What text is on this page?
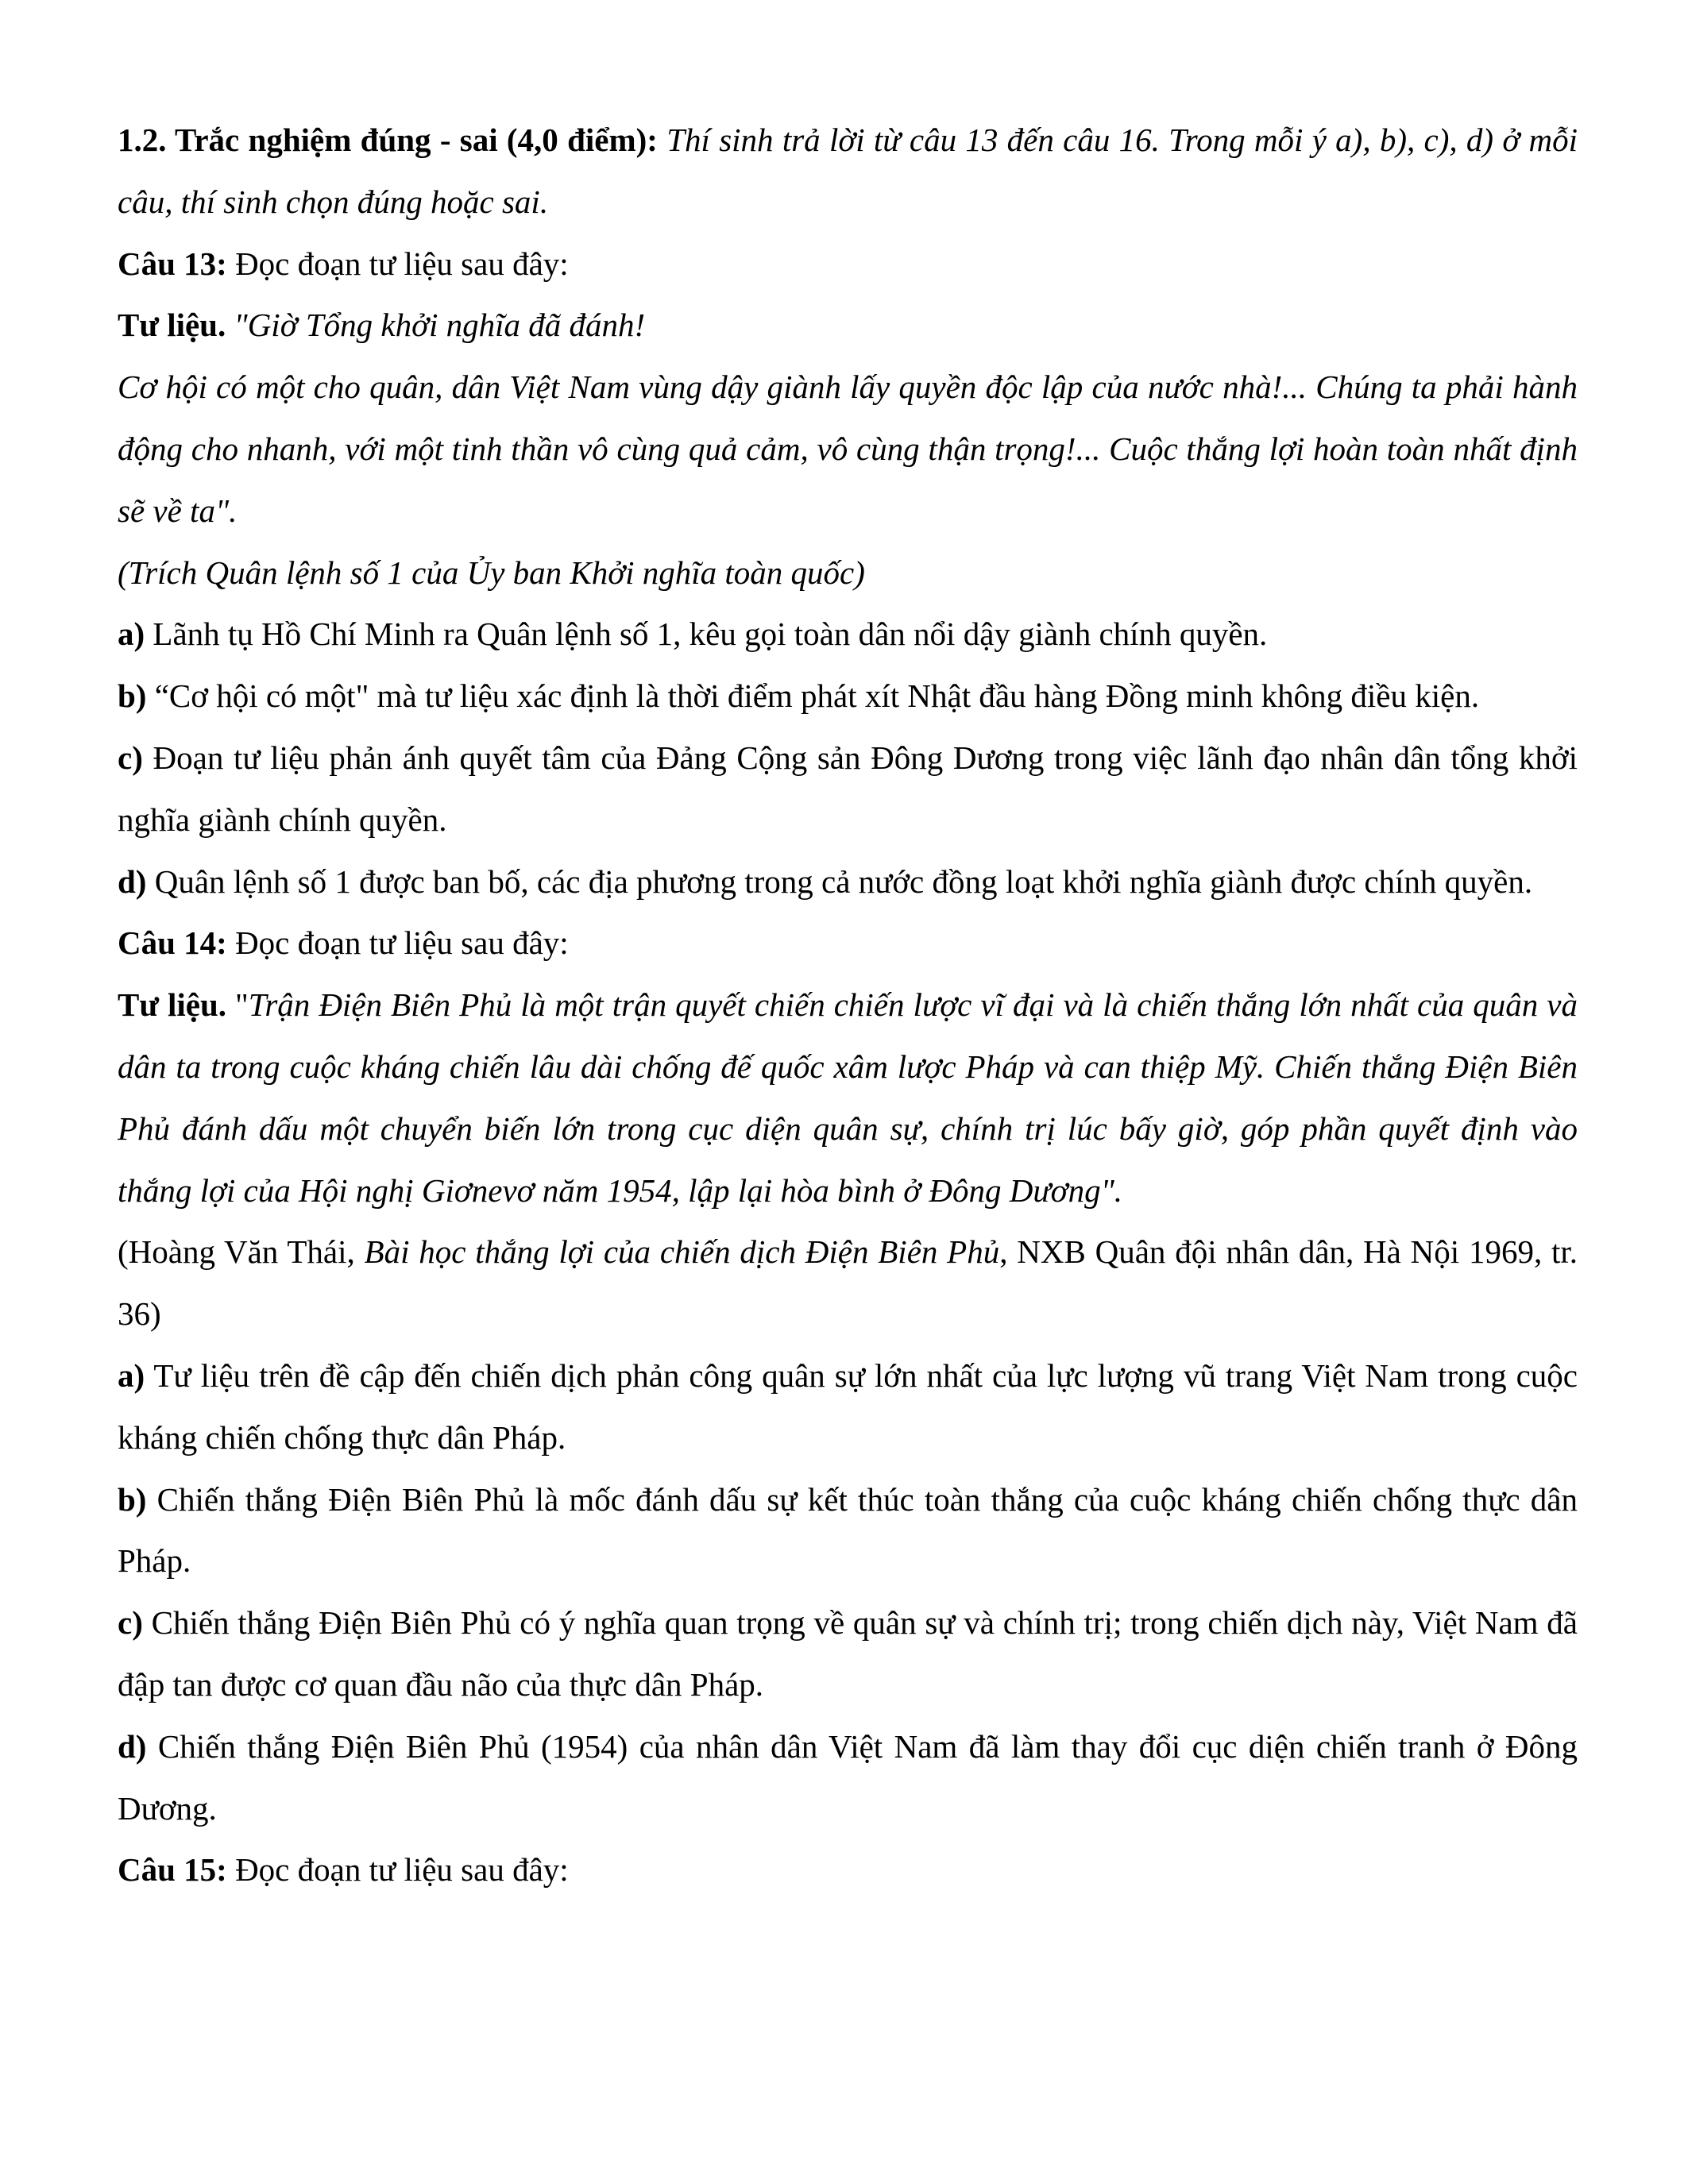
1.2. Trắc nghiệm đúng - sai (4,0 điểm): Thí sinh trả lời từ câu 13 đến câu 16. Trong mỗi ý a), b), c), d) ở mỗi câu, thí sinh chọn đúng hoặc sai.

Câu 13: Đọc đoạn tư liệu sau đây:

Tư liệu. "Giờ Tổng khởi nghĩa đã đánh!

Cơ hội có một cho quân, dân Việt Nam vùng dậy giành lấy quyền độc lập của nước nhà!... Chúng ta phải hành động cho nhanh, với một tinh thần vô cùng quả cảm, vô cùng thận trọng!... Cuộc thắng lợi hoàn toàn nhất định sẽ về ta".

(Trích Quân lệnh số 1 của Ủy ban Khởi nghĩa toàn quốc)

a) Lãnh tụ Hồ Chí Minh ra Quân lệnh số 1, kêu gọi toàn dân nổi dậy giành chính quyền.

b) “Cơ hội có một" mà tư liệu xác định là thời điểm phát xít Nhật đầu hàng Đồng minh không điều kiện.

c) Đoạn tư liệu phản ánh quyết tâm của Đảng Cộng sản Đông Dương trong việc lãnh đạo nhân dân tổng khởi nghĩa giành chính quyền.

d) Quân lệnh số 1 được ban bố, các địa phương trong cả nước đồng loạt khởi nghĩa giành được chính quyền.

Câu 14: Đọc đoạn tư liệu sau đây:

Tư liệu. "Trận Điện Biên Phủ là một trận quyết chiến chiến lược vĩ đại và là chiến thắng lớn nhất của quân và dân ta trong cuộc kháng chiến lâu dài chống đế quốc xâm lược Pháp và can thiệp Mỹ. Chiến thắng Điện Biên Phủ đánh dấu một chuyển biến lớn trong cục diện quân sự, chính trị lúc bấy giờ, góp phần quyết định vào thắng lợi của Hội nghị Giơnevơ năm 1954, lập lại hòa bình ở Đông Dương".

(Hoàng Văn Thái, Bài học thắng lợi của chiến dịch Điện Biên Phủ, NXB Quân đội nhân dân, Hà Nội 1969, tr. 36)

a) Tư liệu trên đề cập đến chiến dịch phản công quân sự lớn nhất của lực lượng vũ trang Việt Nam trong cuộc kháng chiến chống thực dân Pháp.

b) Chiến thắng Điện Biên Phủ là mốc đánh dấu sự kết thúc toàn thắng của cuộc kháng chiến chống thực dân Pháp.

c) Chiến thắng Điện Biên Phủ có ý nghĩa quan trọng về quân sự và chính trị; trong chiến dịch này, Việt Nam đã đập tan được cơ quan đầu não của thực dân Pháp.

d) Chiến thắng Điện Biên Phủ (1954) của nhân dân Việt Nam đã làm thay đổi cục diện chiến tranh ở Đông Dương.

Câu 15: Đọc đoạn tư liệu sau đây:
